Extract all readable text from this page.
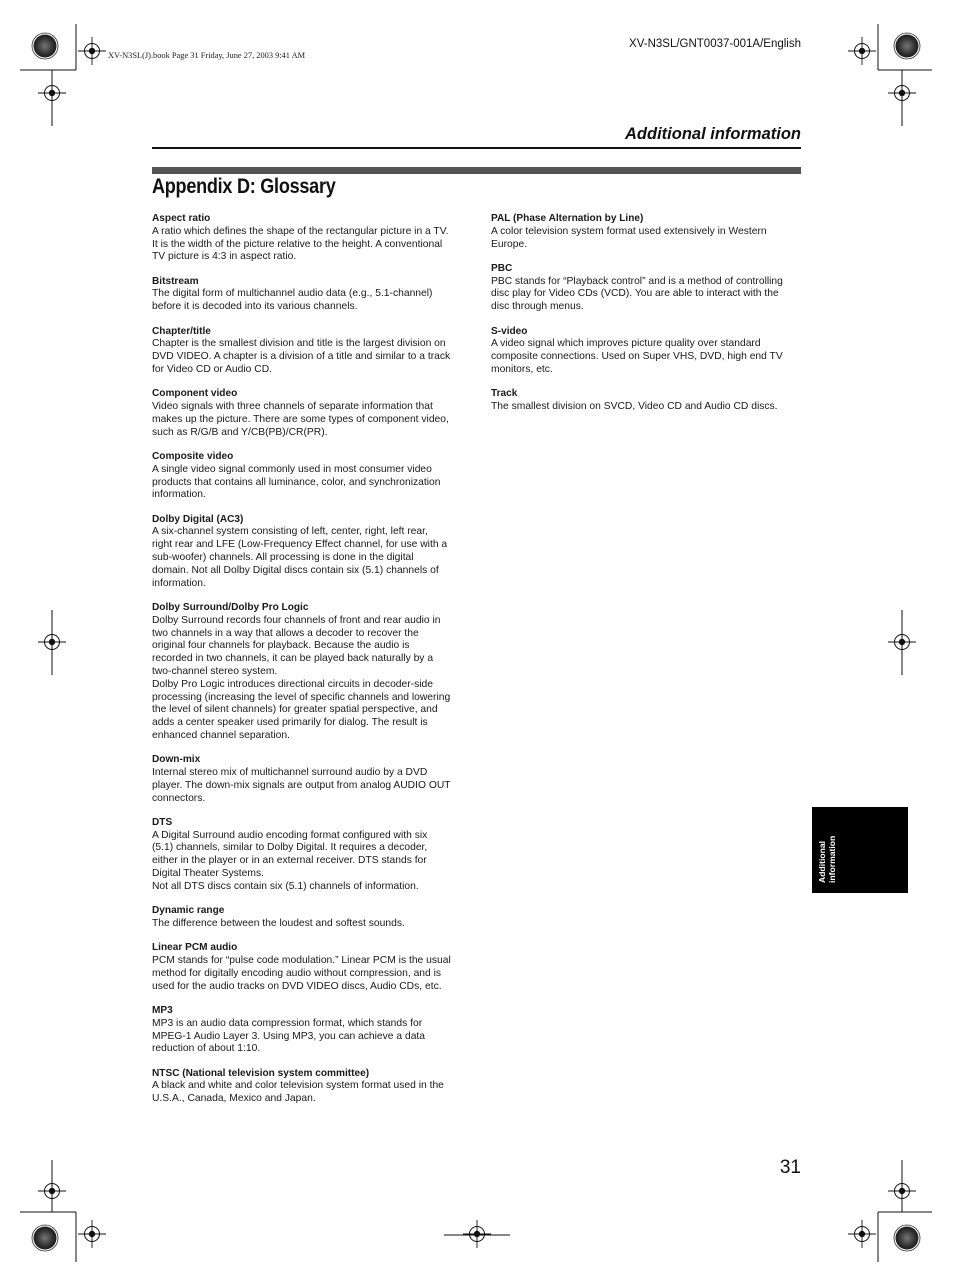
XV-N3SL(J).book Page 31 Friday, June 27, 2003 9:41 AM
XV-N3SL/GNT0037-001A/English
Additional information
Appendix D: Glossary
Aspect ratio
A ratio which defines the shape of the rectangular picture in a TV.
It is the width of the picture relative to the height. A conventional
TV picture is 4:3 in aspect ratio.
Bitstream
The digital form of multichannel audio data (e.g., 5.1-channel)
before it is decoded into its various channels.
Chapter/title
Chapter is the smallest division and title is the largest division on
DVD VIDEO. A chapter is a division of a title and similar to a track
for Video CD or Audio CD.
Component video
Video signals with three channels of separate information that
makes up the picture. There are some types of component video,
such as R/G/B and Y/CB(PB)/CR(PR).
Composite video
A single video signal commonly used in most consumer video
products that contains all luminance, color, and synchronization
information.
Dolby Digital (AC3)
A six-channel system consisting of left, center, right, left rear,
right rear and LFE (Low-Frequency Effect channel, for use with a
sub-woofer) channels. All processing is done in the digital
domain. Not all Dolby Digital discs contain six (5.1) channels of
information.
Dolby Surround/Dolby Pro Logic
Dolby Surround records four channels of front and rear audio in
two channels in a way that allows a decoder to recover the
original four channels for playback. Because the audio is
recorded in two channels, it can be played back naturally by a
two-channel stereo system.
Dolby Pro Logic introduces directional circuits in decoder-side
processing (increasing the level of specific channels and lowering
the level of silent channels) for greater spatial perspective, and
adds a center speaker used primarily for dialog. The result is
enhanced channel separation.
Down-mix
Internal stereo mix of multichannel surround audio by a DVD
player. The down-mix signals are output from analog AUDIO OUT
connectors.
DTS
A Digital Surround audio encoding format configured with six
(5.1) channels, similar to Dolby Digital. It requires a decoder,
either in the player or in an external receiver. DTS stands for
Digital Theater Systems.
Not all DTS discs contain six (5.1) channels of information.
Dynamic range
The difference between the loudest and softest sounds.
Linear PCM audio
PCM stands for “pulse code modulation.” Linear PCM is the usual
method for digitally encoding audio without compression, and is
used for the audio tracks on DVD VIDEO discs, Audio CDs, etc.
MP3
MP3 is an audio data compression format, which stands for
MPEG-1 Audio Layer 3. Using MP3, you can achieve a data
reduction of about 1:10.
NTSC (National television system committee)
A black and white and color television system format used in the
U.S.A., Canada, Mexico and Japan.
PAL (Phase Alternation by Line)
A color television system format used extensively in Western
Europe.
PBC
PBC stands for “Playback control” and is a method of controlling
disc play for Video CDs (VCD). You are able to interact with the
disc through menus.
S-video
A video signal which improves picture quality over standard
composite connections. Used on Super VHS, DVD, high end TV
monitors, etc.
Track
The smallest division on SVCD, Video CD and Audio CD discs.
Additional
information
31
